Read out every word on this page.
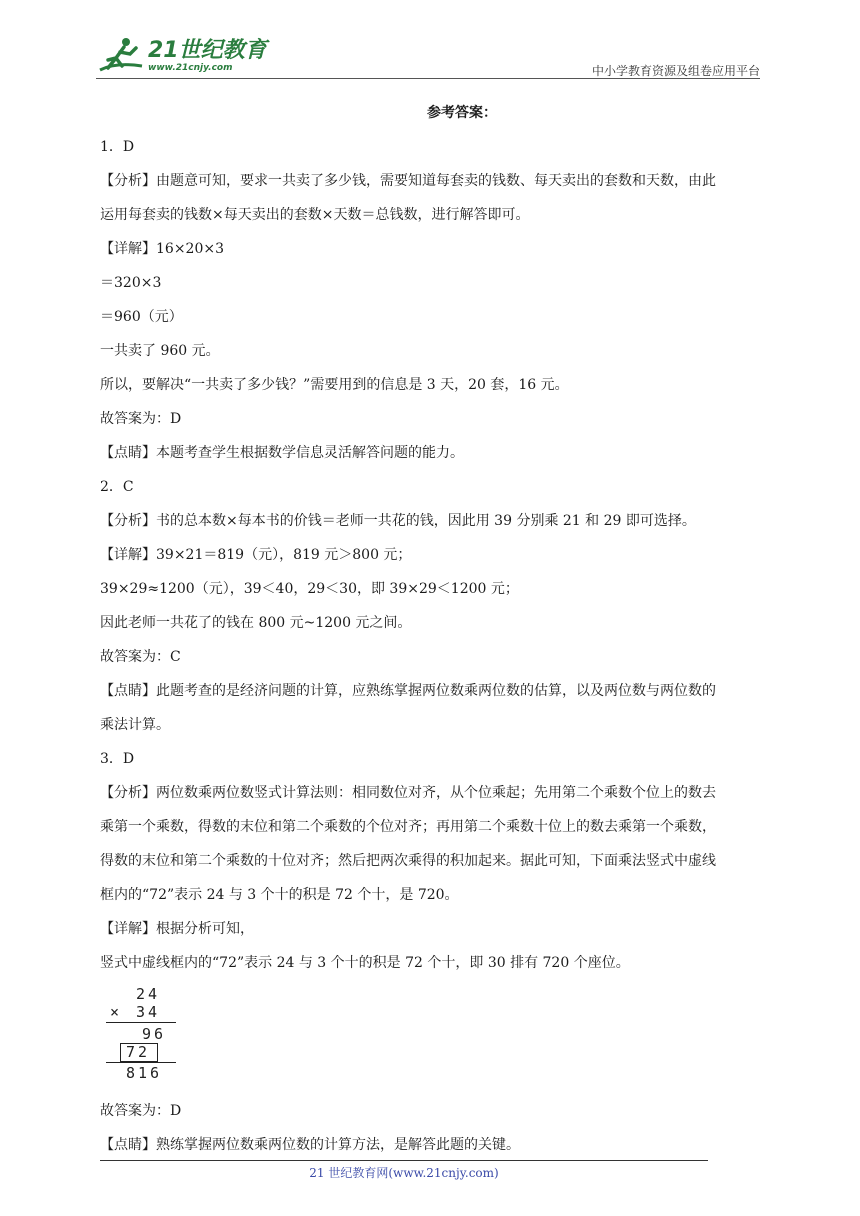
21世纪教育
www.21cnjy.com	中小学教育资源及组卷应用平台
参考答案：
1．D
【分析】由题意可知，要求一共卖了多少钱，需要知道每套卖的钱数、每天卖出的套数和天数，由此
运用每套卖的钱数×每天卖出的套数×天数＝总钱数，进行解答即可。
【详解】16×20×3
＝320×3
＝960（元）
一共卖了 960 元。
所以，要解决“一共卖了多少钱？”需要用到的信息是 3 天，20 套，16 元。
故答案为：D
【点睛】本题考查学生根据数学信息灵活解答问题的能力。
2．C
【分析】书的总本数×每本书的价钱＝老师一共花的钱，因此用 39 分别乘 21 和 29 即可选择。
【详解】39×21＝819（元），819 元＞800 元；
39×29≈1200（元），39＜40，29＜30，即 39×29＜1200 元；
因此老师一共花了的钱在 800 元~1200 元之间。
故答案为：C
【点睛】此题考查的是经济问题的计算，应熟练掌握两位数乘两位数的估算，以及两位数与两位数的
乘法计算。
3．D
【分析】两位数乘两位数竖式计算法则：相同数位对齐，从个位乘起；先用第二个乘数个位上的数去
乘第一个乘数，得数的末位和第二个乘数的个位对齐；再用第二个乘数十位上的数去乘第一个乘数，
得数的末位和第二个乘数的十位对齐；然后把两次乘得的积加起来。据此可知，下面乘法竖式中虚线
框内的“72”表示 24 与 3 个十的积是 72 个十，是 720。
【详解】根据分析可知，
竖式中虚线框内的“72”表示 24 与 3 个十的积是 72 个十，即 30 排有 720 个座位。
24
× 34
96
72
816
故答案为：D
【点睛】熟练掌握两位数乘两位数的计算方法，是解答此题的关键。
21 世纪教育网(www.21cnjy.com)
